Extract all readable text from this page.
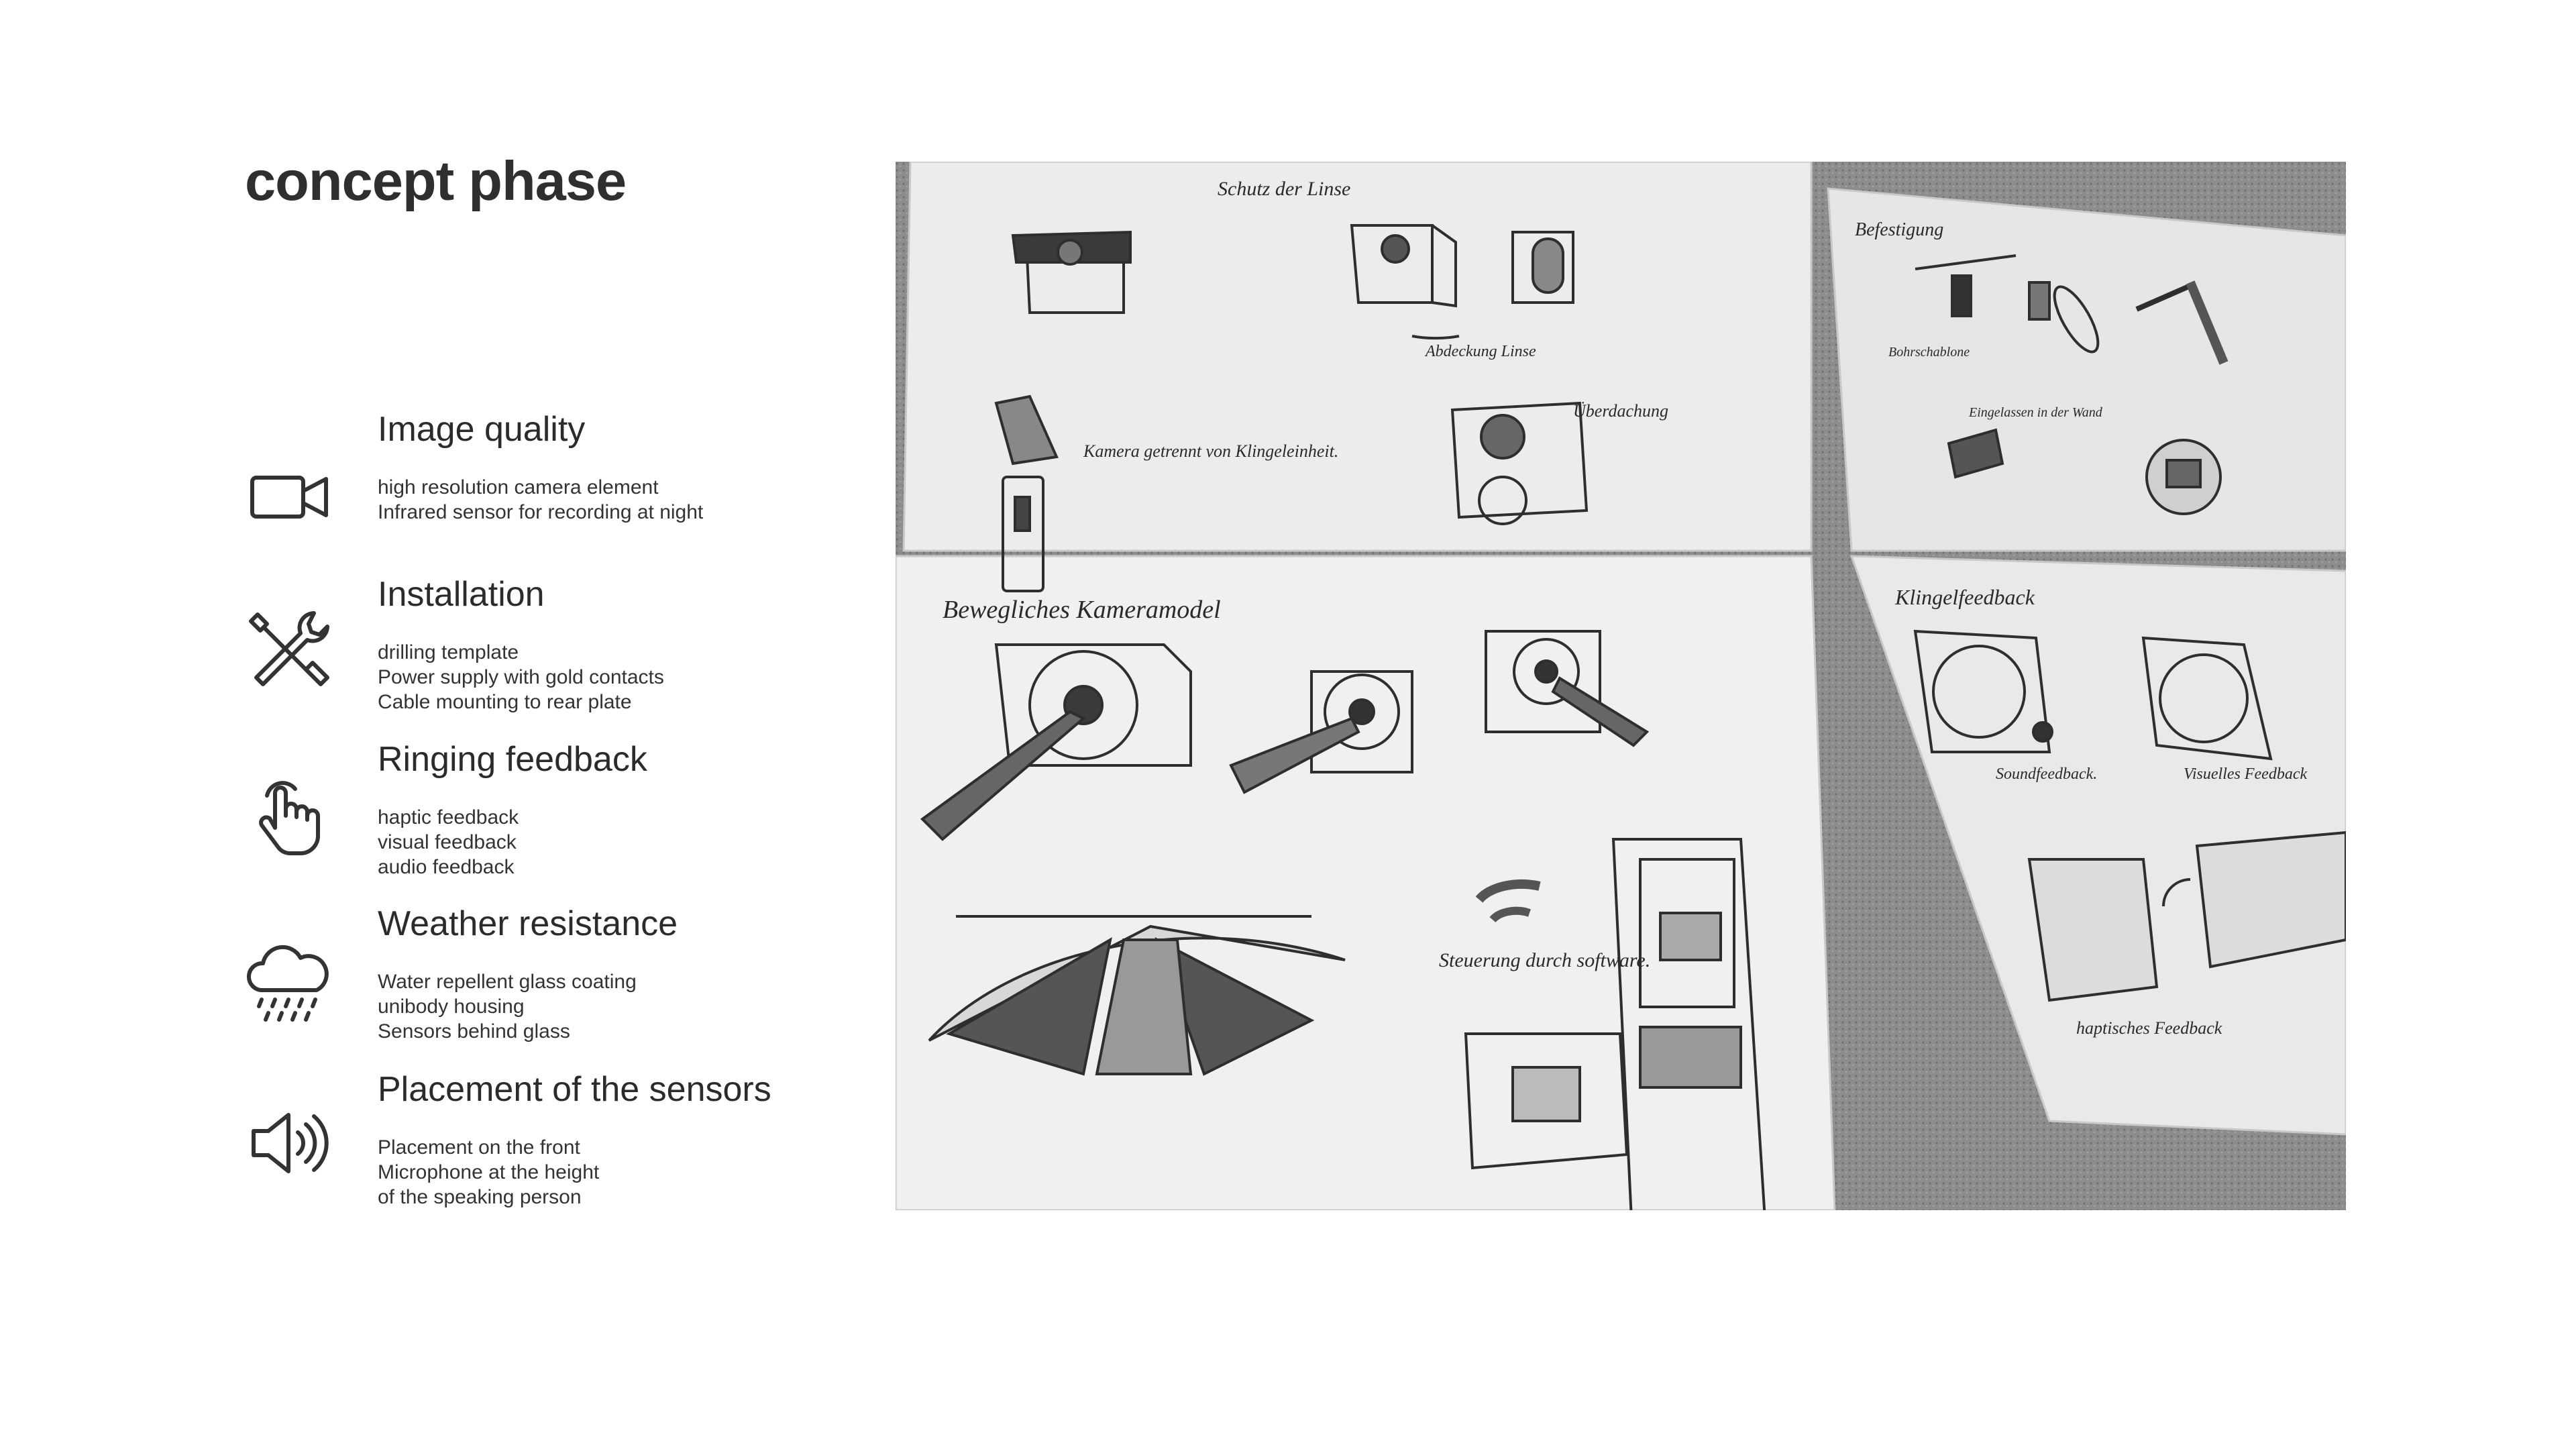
concept phase
Image quality
high resolution camera element
Infrared sensor for recording at night
Installation
drilling template
Power supply with gold contacts
Cable mounting to rear plate
Ringing feedback
haptic feedback
visual feedback
audio feedback
Weather resistance
Water repellent glass coating
unibody housing
Sensors behind glass
Placement of the sensors
Placement on the front
Microphone at the height
of the speaking person
Schutz der Linse
Abdeckung Linse
Kamera getrennt von Klingeleinheit.
Überdachung
Befestigung
Bohrschablone
Eingelassen in der Wand
Bewegliches Kameramodel
Steuerung durch software.
Klingelfeedback
Soundfeedback.	Visuelles Feedback
haptisches Feedback
